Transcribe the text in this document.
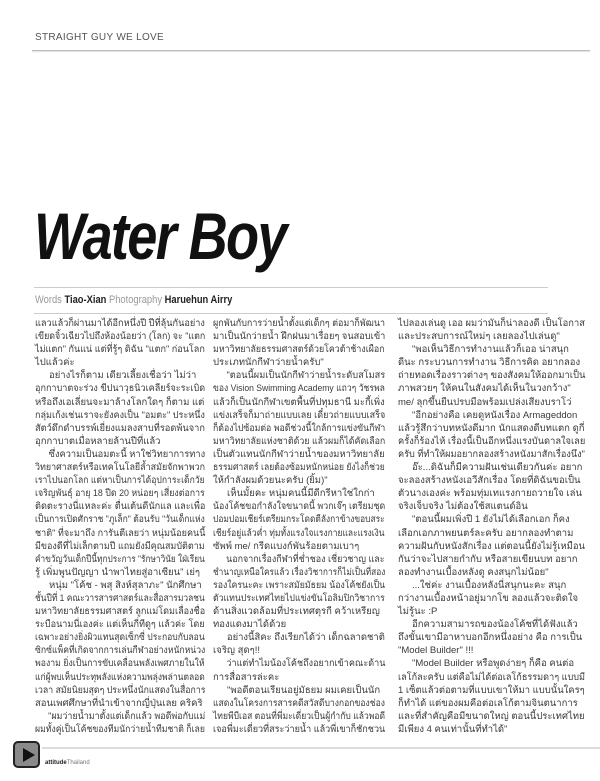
STRAIGHT GUY WE LOVE
Water Boy
Words Tiao-Xian Photography Haruehun Airry
แลวแล้วก็ผ่านมาได้อีกหนึ่งปี ปีที่ลุ้นกันอย่าง
เขียดจิ้วเฉียวไปถึงห้องน้อยว่า (โลก) จะ "แตก
ไม่แตก" กันแน่ แต่ที่รู้ๆ ดิฉัน "แตก" ก่อนโลก
ไปแล้วค่ะ
อย่างไรก็ตาม เดียวเลี้ยงเชื่อว่า ไม่ว่า
อุกกาบาตจะร่วง ขีปนาวุธนิวเคลียร์จะระเบิด
หรือถึงเอเลี่ยนจะมาล้างโลกใดๆ ก็ตาม แต่
กลุ่มเก้งเช่นเราจะยังคงเป็น "อมตะ" ประหนึ่ง
สัตว์ดึกดำบรรพ์เยี่ยงแมลงสาบที่รอดพ้นจาก
อุกกาบาตเมื่อหลายล้านปีที่แล้ว
ซึ่งความเป็นอมตะนี้ หาใช่วิทยาการทาง
วิทยาศาสตร์หรือเทคโนโลยีล้ำสมัยจักพาพวก
เราไปนอกโลก แต่หาเป็นการได้อุปการะเด็กวัย
เจริญพันธุ์ อายุ 18 ปีด 20 หน่อยๆ เสี่ยงต่อการ
ติดตะรางนี่แหละค่ะ ตื่นเต้นดีนักแล และเพื่อ
เป็นการเปิดศักราช "ภูเล็ก" ต้อนรับ "วันเด็กแห่ง
ชาติ" ที่จะมาถึง การันตีเลยว่า หนุ่มน้อยคนนี้
มีของดีที่ไม่เล็กตามปี แถมยังมีคุณสมบัติตาม
คำขวัญวันเด็กปีนี้ทุกประการ "รักษาวินัย ใฝ่เรียน
รู้ เพิ่มพูนปัญญา นำพาไทยสู่อาเซียน" เย่ๆ
หนุ่ม "โค้ช - พสุ สิงห์สุลาภะ" นักศึกษา
ชั้นปีที่ 1 คณะวารสารศาสตร์และสื่อสารมวลชน
มหาวิทยาลัยธรรมศาสตร์ ลูกแม่โดมเลื่องชื่อ
ระบือนามนี่เองค่ะ แต่เห็นกี่ทีดูๆ แล้วค่ะ โดย
เฉพาะอย่างยิ่งผิวแทนสุดเซ็กซี่ ประกอบกับลอน
ซิกซ์แพ็คที่เกิดจากการเล่นกีฬาอย่างหนักหน่วง
พองาม ยิ่งเป็นการขับเคลื่อนพลังเพศภายในให้
แก่ผู้พบเห็นประทุพลังแห่งความพลุ่งพล่านตลอด
เวลา สมัยนิยมสุดๆ ประหนึ่งนักแสดงในสื่อการ
สอนเพศศึกษาที่นำเข้าจากญี่ปุ่นเลย คริคริ
"ผมว่ายน้ำมาตั้งแต่เด็กแล้ว พอดีพ่อกับแม่
ผมทั้งคู่เป็นโค้ชของทีมนักว่ายน้ำทีมชาติ ก็เลย
ผูกพันกับการว่ายน้ำตั้งแต่เด็กๆ ต่อมาก็พัฒนา
มาเป็นนักว่ายน้ำ ฝึกฝนมาเรื่อยๆ จนสอบเข้า
มหาวิทยาลัยธรรมศาสตร์ด้วยโควต้าช้างเผือก
ประเภทนักกีฬาว่ายน้ำครับ"
"ตอนนี้ผมเป็นนักกีฬาว่ายน้ำระดับสโมสร
ของ Vision Swimming Academy แถวๆ วัชรพล
แล้วก็เป็นนักกีฬาเขตพื้นที่ปทุมธานี มะกี้เพิ่ง
แข่งเสร็จก็มาถ่ายแบบเลย เดี๋ยวถ่ายแบบเสร็จ
ก็ต้องไปซ้อมต่อ พอดีช่วงนี้ใกล้การแข่งขันกีฬา
มหาวิทยาลัยแห่งชาติด้วย แล้วผมก็ได้คัดเลือก
เป็นตัวแทนนักกีฬาว่ายน้ำของมหาวิทยาลัย
ธรรมศาสตร์ เลยต้องซ้อมหนักหน่อย ยังไงก็ช่วย
ให้กำลังผมด้วยนะครับ (ยิ้ม)"
เห็นมั้ยคะ หนุ่มคนนี้มีดีกรีหาใช่ใกก่า
น้องโค้ชขอกำลังใจขนาดนี้ พวกเจ๊ๆ เตรียมชุด
ปอมปอมเชียร์เตรียมกระโดดตีลังกาข้างขอบสระ
เชียร์อยู่แล้วค่ำ ทุ่มทั้งแรงใจแรงกายและแรงเงิน
ซัพพ์ me/ กรีดแบงก์พันร้อยตามเบาๆ
นอกจากเรื่องกีฬาที่ช่ำชอง เชี่ยวชาญ และ
ชำนาญเหนือใครแล้ว เรื่องวิชาการก็ไม่เป็นที่สอง
รองใครนะคะ เพราะสมัยมัธยม น้องโค้ชยังเป็น
ตัวแทนประเทศไทยไปแข่งขันโอลิมปิกวิชาการ
ด้านสิ่งแวดล้อมที่ประเทศตุรกี คว้าเหรียญ
ทองแดงมาได้ด้วย
อย่างนี้สิคะ ถึงเรียกได้ว่า เด็กฉลาดชาติ
เจริญ สุดๆ!!
ว่าแต่ทำไมน้องโค้ชถึงอยากเข้าคณะด้าน
การสื่อสารล่ะคะ
"พอดีตอนเรียนอยู่มัธยม ผมเคยเป็นนัก
แสดงในโครงการสารคดีสวัสดีบางกอกของช่อง
ไทยพีบีเอส ตอนที่พี่มะเดี่ยวเป็นผู้กำกับ แล้วพอดี
เจอพี่มะเดี่ยวที่สระว่ายน้ำ แล้วพี่เขาก็ชักชวน
ไปลองเล่นดู เออ ผมว่ามันก็น่าลองดี เป็นโอกาส
และประสบการณ์ใหม่ๆ เลยลองไปเล่นดู"
"พอเห็นวิธีการทำงานแล้วก็เออ น่าสนุก
ดีนะ กระบวนการทำงาน วิธีการคิด อยากลอง
ถ่ายทอดเรื่องราวต่างๆ ของสังคมให้ออกมาเป็น
ภาพสวยๆ ให้คนในสังคมได้เห็นในวงกว้าง"
me/ ลุกขึ้นยืนปรบมือพร้อมเปล่งเสียงบราโว่
"อีกอย่างคือ เคยดูหนังเรื่อง Armageddon
แล้วรู้สึกว่าบทหนังดีมาก นักแสดงดีบทแตก ดูกี่
ครั้งก็ร้องไห้ เรื่องนี้เป็นอีกหนึ่งแรงบันดาลใจเลย
ครับ ที่ทำให้ผมอยากลองสร้างหนังมาสักเรื่องนึง"
อ๊ะ...ดิฉันก็มีความฝันเช่นเดียวกันค่ะ อยาก
จะลองสร้างหนังเอวีสักเรื่อง โดยที่ดิฉันขอเป็น
ตัวนางเองค่ะ พร้อมทุ่มเทแรงกายถวายใจ เล่น
จริงเจ็บจริง ไม่ต้องใช้สแตนด์อิน
"ตอนนี้ผมเพิ่งปี 1 ยังไม่ได้เลือกเอก ก็คง
เลือกเอกภาพยนตร์ละครับ อยากลองทำตาม
ความฝันกับหนังสักเรื่อง แต่ตอนนี้ยังไม่รู้เหมือน
กันว่าจะไปสายกำกับ หรือสายเขียนบท อยาก
ลองทำงานเบื้องหลังดู คงสนุกไม่น้อย"
...ใช่ค่ะ งานเบื้องหลังนี่สนุกนะคะ สนุก
กว่างานเบื้องหน้าอยู่มากโข ลองแล้วจะติดใจ
ไม่รู้นะ :P
อีกความสามารถของน้องโค้ชที่ได้ฟังแล้ว
ถึงขั้นเขามีอาหาบอกอีกหนึ่งอย่าง คือ การเป็น
"Model Builder" !!!
"Model Builder หรือพูดง่ายๆ ก็คือ คนต่อ
เลโก้ละครับ แต่คือไม่ได้ต่อเลโก้ธรรมดาๆ แบบมี
1 เซ็ตแล้วต่อตามที่แบบเขาให้มา แบบนั้นใครๆ
ก็ทำได้ แต่ของผมคือต่อเลโก้ตามจินตนาการ
และที่สำคัญคือมีขนาดใหญ่ ตอนนี้ประเทศไทย
มีเพียง 4 คนเท่านั้นที่ทำได้"
attitudeThailand
